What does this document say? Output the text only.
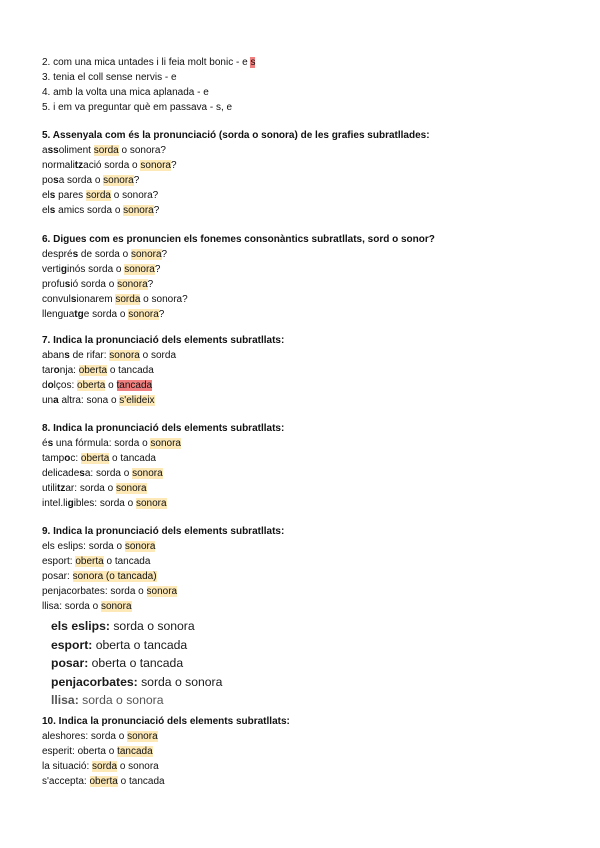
2. com una mica untades i li feia molt bonic - e s
3. tenia el coll sense nervis - e
4. amb la volta una mica aplanada - e
5. i em va preguntar què em passava - s, e
5. Assenyala com és la pronunciació (sorda o sonora) de les grafies subratllades:
assoliment sorda o sonora?
normalització sorda o sonora?
posa sorda o sonora?
els pares sorda o sonora?
els amics sorda o sonora?
6. Digues com es pronuncien els fonemes consonàntics subratllats, sord o sonor?
després de sorda o sonora?
vertiginós sorda o sonora?
profusió sorda o sonora?
convulsionarem sorda o sonora?
llenguatge sorda o sonora?
7. Indica la pronunciació dels elements subratllats:
abans de rifar: sonora o sorda
taronja: oberta o tancada
dolços: oberta o tancada
una altra: sona o s'elideix
8. Indica la pronunciació dels elements subratllats:
és una fórmula: sorda o sonora
tampoc: oberta o tancada
delicadesa: sorda o sonora
utilitzar: sorda o sonora
intel.ligibles: sorda o sonora
9. Indica la pronunciació dels elements subratllats:
els eslips: sorda o sonora
esport: oberta o tancada
posar: sonora (o tancada)
penjacorbates: sorda o sonora
llisa: sorda o sonora
els eslips: sorda o sonora
esport: oberta o tancada
posar: oberta o tancada
penjacorbates: sorda o sonora
llisa: sorda o sonora
10. Indica la pronunciació dels elements subratllats:
aleshores: sorda o sonora
esperit: oberta o tancada
la situació: sorda o sonora
s'accepta: oberta o tancada
